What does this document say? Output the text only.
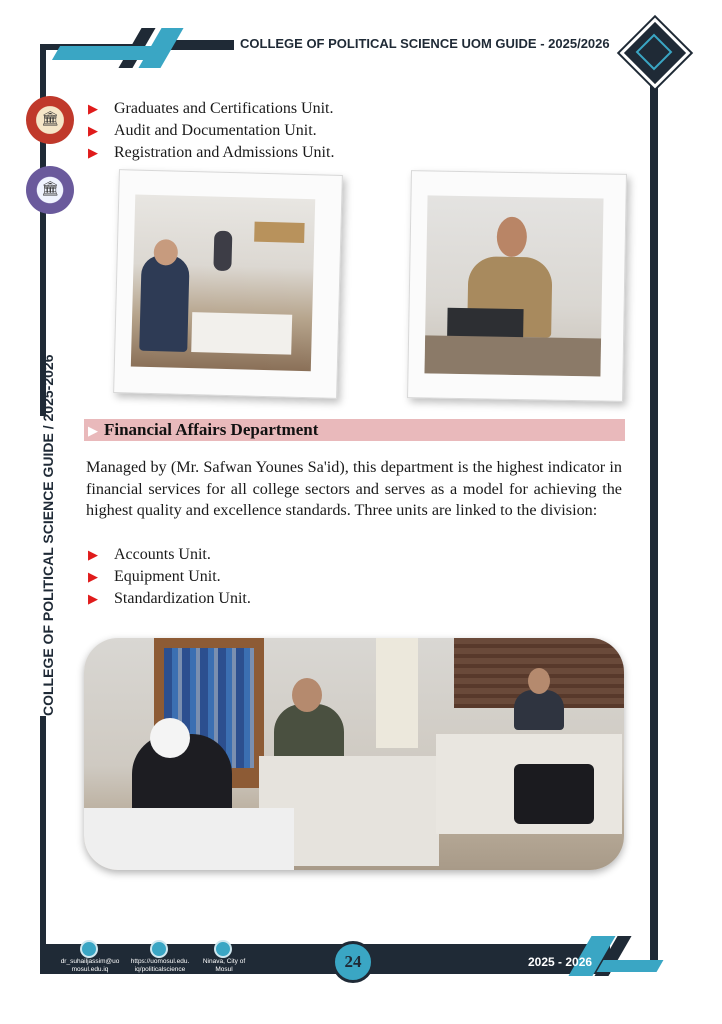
COLLEGE OF POLITICAL SCIENCE UOM GUIDE - 2025/2026
COLLEGE OF POLITICAL SCIENCE GUIDE / 2025-2026
🏛
🏛
▶ Graduates and Certifications Unit.
▶ Audit and Documentation Unit.
▶ Registration and Admissions Unit.
▶ Financial Affairs Department
Managed by (Mr. Safwan Younes Sa'id), this department is the highest indicator in financial services for all college sectors and serves as a model for achieving the highest quality and excellence standards. Three units are linked to the division:
▶ Accounts Unit.
▶ Equipment Unit.
▶ Standardization Unit.
dr_suhailjassim@uo
mosul.edu.iq
https://uomosul.edu.
iq/politicalscience
Ninava, City of
Mosul	24	2025 - 2026
